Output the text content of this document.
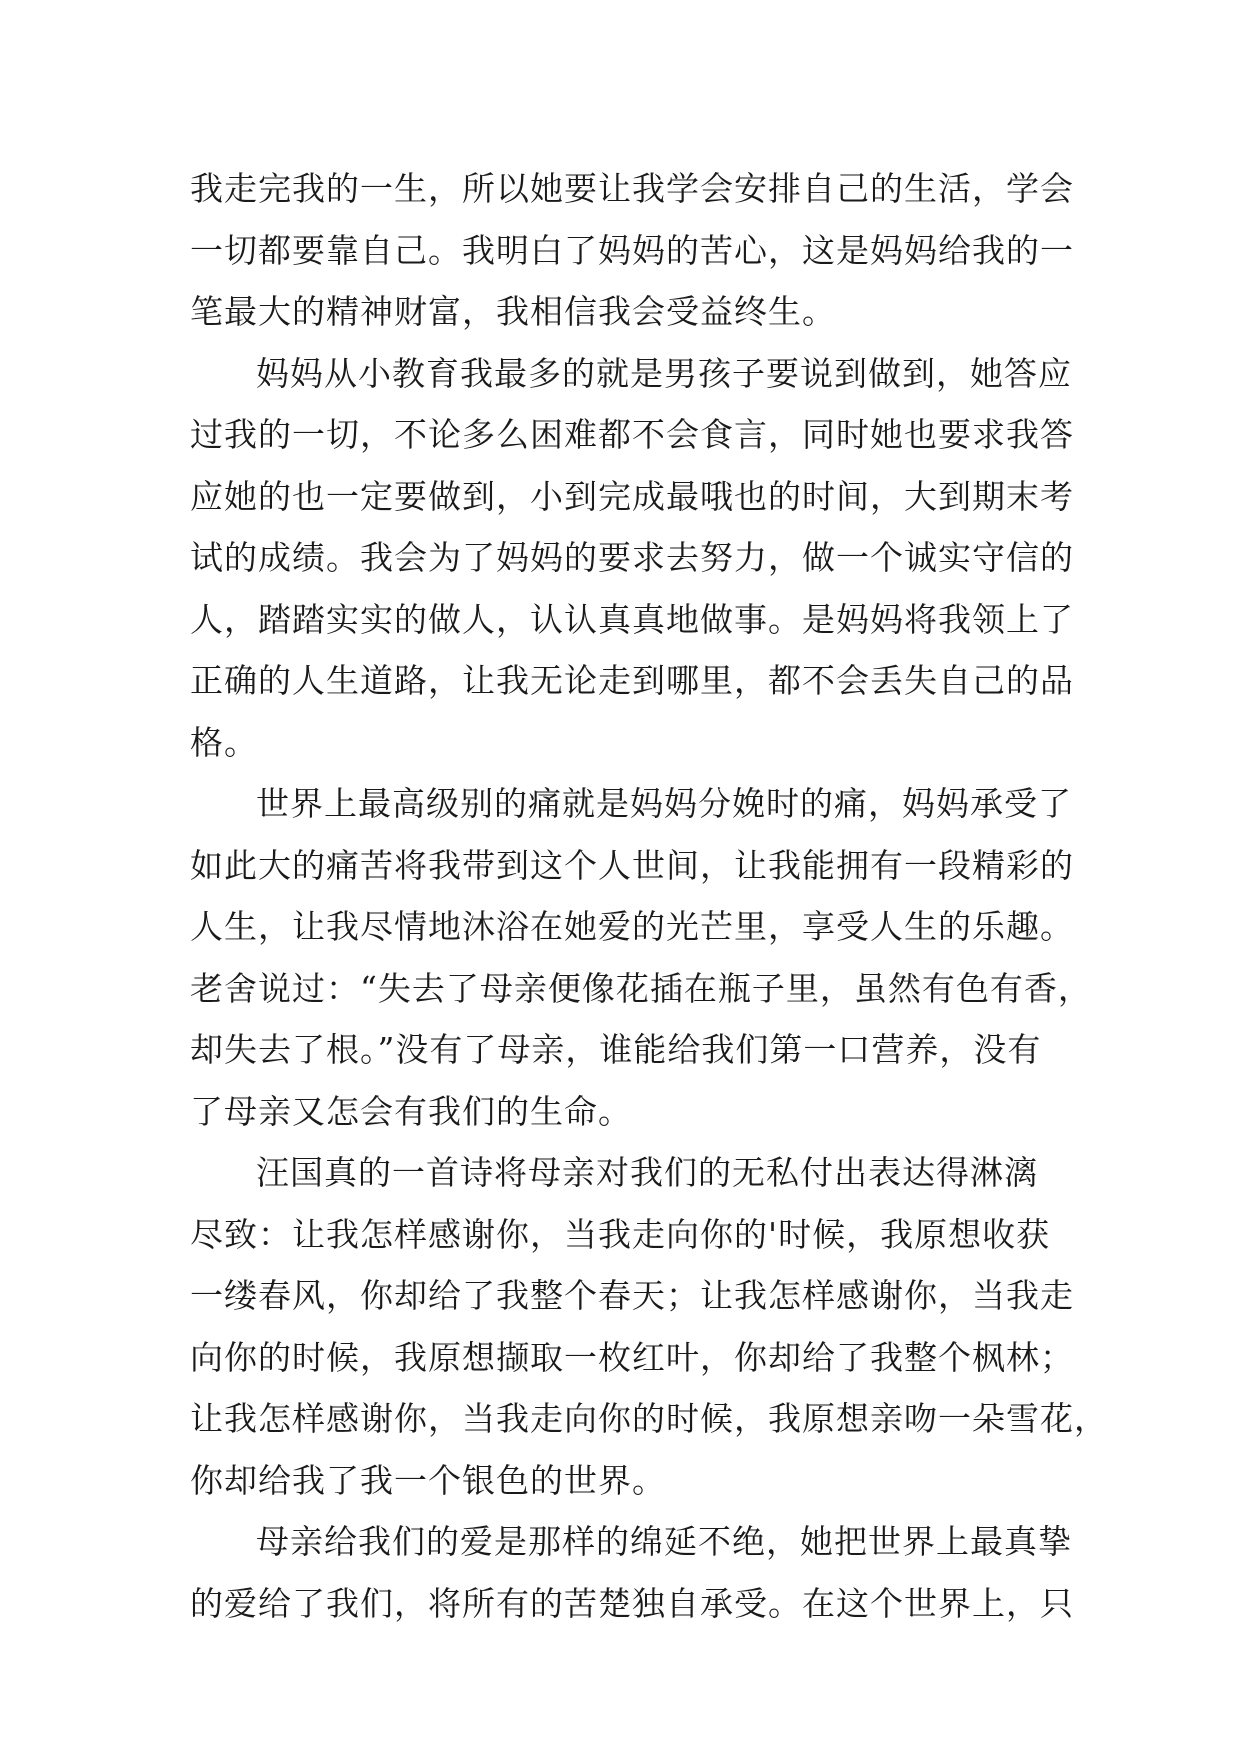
我走完我的一生，所以她要让我学会安排自己的生活，学会
一切都要靠自己。我明白了妈妈的苦心，这是妈妈给我的一
笔最大的精神财富，我相信我会受益终生。
妈妈从小教育我最多的就是男孩子要说到做到，她答应
过我的一切，不论多么困难都不会食言，同时她也要求我答
应她的也一定要做到，小到完成最哦也的时间，大到期末考
试的成绩。我会为了妈妈的要求去努力，做一个诚实守信的
人，踏踏实实的做人，认认真真地做事。是妈妈将我领上了
正确的人生道路，让我无论走到哪里，都不会丢失自己的品
格。
世界上最高级别的痛就是妈妈分娩时的痛，妈妈承受了
如此大的痛苦将我带到这个人世间，让我能拥有一段精彩的
人生，让我尽情地沐浴在她爱的光芒里，享受人生的乐趣。
老舍说过：“失去了母亲便像花插在瓶子里，虽然有色有香，
却失去了根。”没有了母亲，谁能给我们第一口营养，没有
了母亲又怎会有我们的生命。
汪国真的一首诗将母亲对我们的无私付出表达得淋漓
尽致：让我怎样感谢你，当我走向你的'时候，我原想收获
一缕春风，你却给了我整个春天；让我怎样感谢你，当我走
向你的时候，我原想撷取一枚红叶，你却给了我整个枫林；
让我怎样感谢你，当我走向你的时候，我原想亲吻一朵雪花，
你却给我了我一个银色的世界。
母亲给我们的爱是那样的绵延不绝，她把世界上最真挚
的爱给了我们，将所有的苦楚独自承受。在这个世界上，只
